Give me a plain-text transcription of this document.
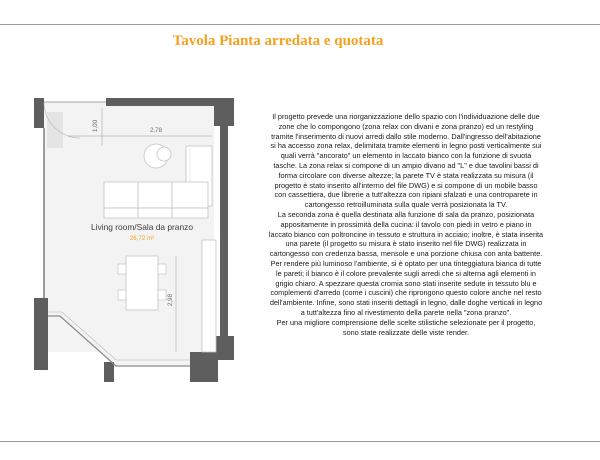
Tavola Pianta arredata e quotata
2,78
1,00
2,98
Living room/Sala da pranzo
26,72 m²
Il progetto prevede una riorganizzazione dello spazio con l'individuazione delle due zone che lo compongono (zona relax con divani e zona pranzo) ed un restyling tramite l'inserimento di nuovi arredi dallo stile moderno. Dall'ingresso dell'abitazione si ha accesso zona relax, delimitata tramite elementi in legno posti verticalmente sui quali verrà "ancorato" un elemento in laccato bianco con la funzione di svuota tasche. La zona relax si compone di un ampio divano ad "L" e due tavolini bassi di forma circolare con diverse altezze; la parete TV è stata realizzata su misura (il progetto è stato inserito all'interno del file DWG) e si compone di un mobile basso con cassettiera, due librerie a tutt'altezza con ripiani sfalzati e una controparete in cartongesso retroilluminata sulla quale verrà posizionata la TV.
La seconda zona è quella destinata alla funzione di sala da pranzo, posizionata appositamente in prossimità della cucina: il tavolo con piedi in vetro e piano in laccato bianco con poltroncine in tessuto e struttura in acciaio; inoltre, è stata inserita una parete (il progetto su misura è stato inserito nel file DWG) realizzata in cartongesso con credenza bassa, mensole e una porzione chiusa con anta battente.
Per rendere più luminoso l'ambiente, si è optato per una tinteggiatura bianca di tutte le pareti; il bianco è il colore prevalente sugli arredi che si alterna agli elementi in grigio chiaro. A spezzare questa cromia sono stati inserite sedute in tessuto blu e complementi d'arredo (come i cuscini) che riprongono questo colore anche nel resto dell'ambiente. Infine, sono stati inseriti dettagli in legno, dalle doghe verticali in legno a tutt'altezza fino al rivestimento della parete nella "zona pranzo".
Per una migliore comprensione delle scelte stilistiche selezionate per il progetto, sono state realizzate delle viste render.
